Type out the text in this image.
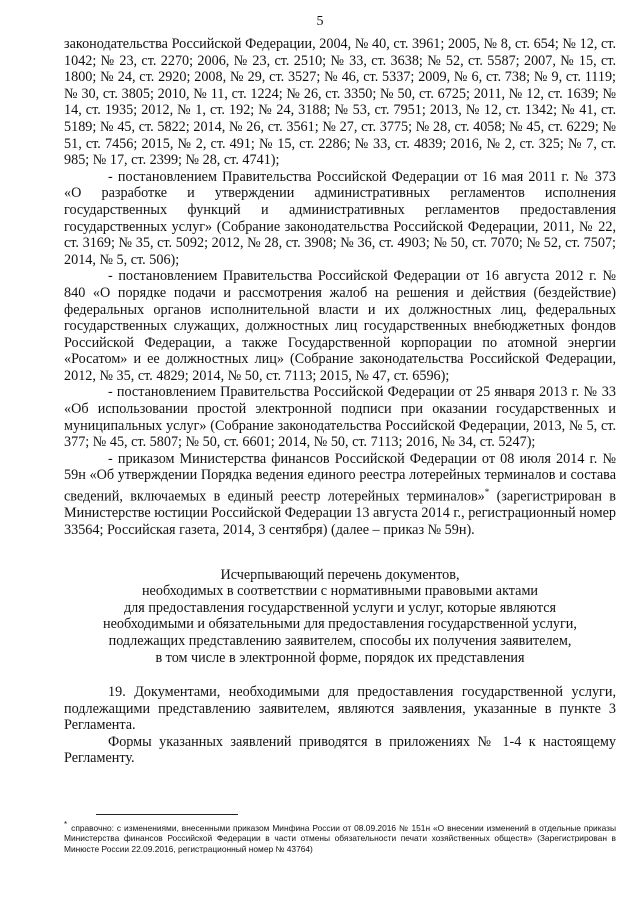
5

законодательства Российской Федерации, 2004, № 40, ст. 3961; 2005, № 8, ст. 654; № 12, ст. 1042; № 23, ст. 2270; 2006, № 23, ст. 2510; № 33, ст. 3638; № 52, ст. 5587; 2007, № 15, ст. 1800; № 24, ст. 2920; 2008, № 29, ст. 3527; № 46, ст. 5337; 2009, № 6, ст. 738; № 9, ст. 1119; № 30, ст. 3805; 2010, № 11, ст. 1224; № 26, ст. 3350; № 50, ст. 6725; 2011, № 12, ст. 1639; № 14, ст. 1935; 2012, № 1, ст. 192; № 24, 3188; № 53, ст. 7951; 2013, № 12, ст. 1342; № 41, ст. 5189; № 45, ст. 5822; 2014, № 26, ст. 3561; № 27, ст. 3775; № 28, ст. 4058; № 45, ст. 6229; № 51, ст. 7456; 2015, № 2, ст. 491; № 15, ст. 2286; № 33, ст. 4839; 2016, № 2, ст. 325; № 7, ст. 985; № 17, ст. 2399; № 28, ст. 4741);

- постановлением Правительства Российской Федерации от 16 мая 2011 г. № 373 «О разработке и утверждении административных регламентов исполнения государственных функций и административных регламентов предоставления государственных услуг» (Собрание законодательства Российской Федерации, 2011, № 22, ст. 3169; № 35, ст. 5092; 2012, № 28, ст. 3908; № 36, ст. 4903; № 50, ст. 7070; № 52, ст. 7507; 2014, № 5, ст. 506);

- постановлением Правительства Российской Федерации от 16 августа 2012 г. № 840 «О порядке подачи и рассмотрения жалоб на решения и действия (бездействие) федеральных органов исполнительной власти и их должностных лиц, федеральных государственных служащих, должностных лиц государственных внебюджетных фондов Российской Федерации, а также Государственной корпорации по атомной энергии «Росатом» и ее должностных лиц» (Собрание законодательства Российской Федерации, 2012, № 35, ст. 4829; 2014, № 50, ст. 7113; 2015, № 47, ст. 6596);

- постановлением Правительства Российской Федерации от 25 января 2013 г. № 33 «Об использовании простой электронной подписи при оказании государственных и муниципальных услуг» (Собрание законодательства Российской Федерации, 2013, № 5, ст. 377; № 45, ст. 5807; № 50, ст. 6601; 2014, № 50, ст. 7113; 2016, № 34, ст. 5247);

- приказом Министерства финансов Российской Федерации от 08 июля 2014 г. № 59н «Об утверждении Порядка ведения единого реестра лотерейных терминалов и состава сведений, включаемых в единый реестр лотерейных терминалов»* (зарегистрирован в Министерстве юстиции Российской Федерации 13 августа 2014 г., регистрационный номер 33564; Российская газета, 2014, 3 сентября) (далее – приказ № 59н).

Исчерпывающий перечень документов,
необходимых в соответствии с нормативными правовыми актами
для предоставления государственной услуги и услуг, которые являются
необходимыми и обязательными для предоставления государственной услуги,
подлежащих представлению заявителем, способы их получения заявителем,
в том числе в электронной форме, порядок их представления

19. Документами, необходимыми для предоставления государственной услуги, подлежащими представлению заявителем, являются заявления, указанные в пункте 3 Регламента.

Формы указанных заявлений приводятся в приложениях № 1-4 к настоящему Регламенту.

* справочно: с изменениями, внесенными приказом Минфина России от 08.09.2016 № 151н «О внесении изменений в отдельные приказы Министерства финансов Российской Федерации в части отмены обязательности печати хозяйственных обществ» (Зарегистрирован в Минюсте России 22.09.2016, регистрационный номер № 43764)
